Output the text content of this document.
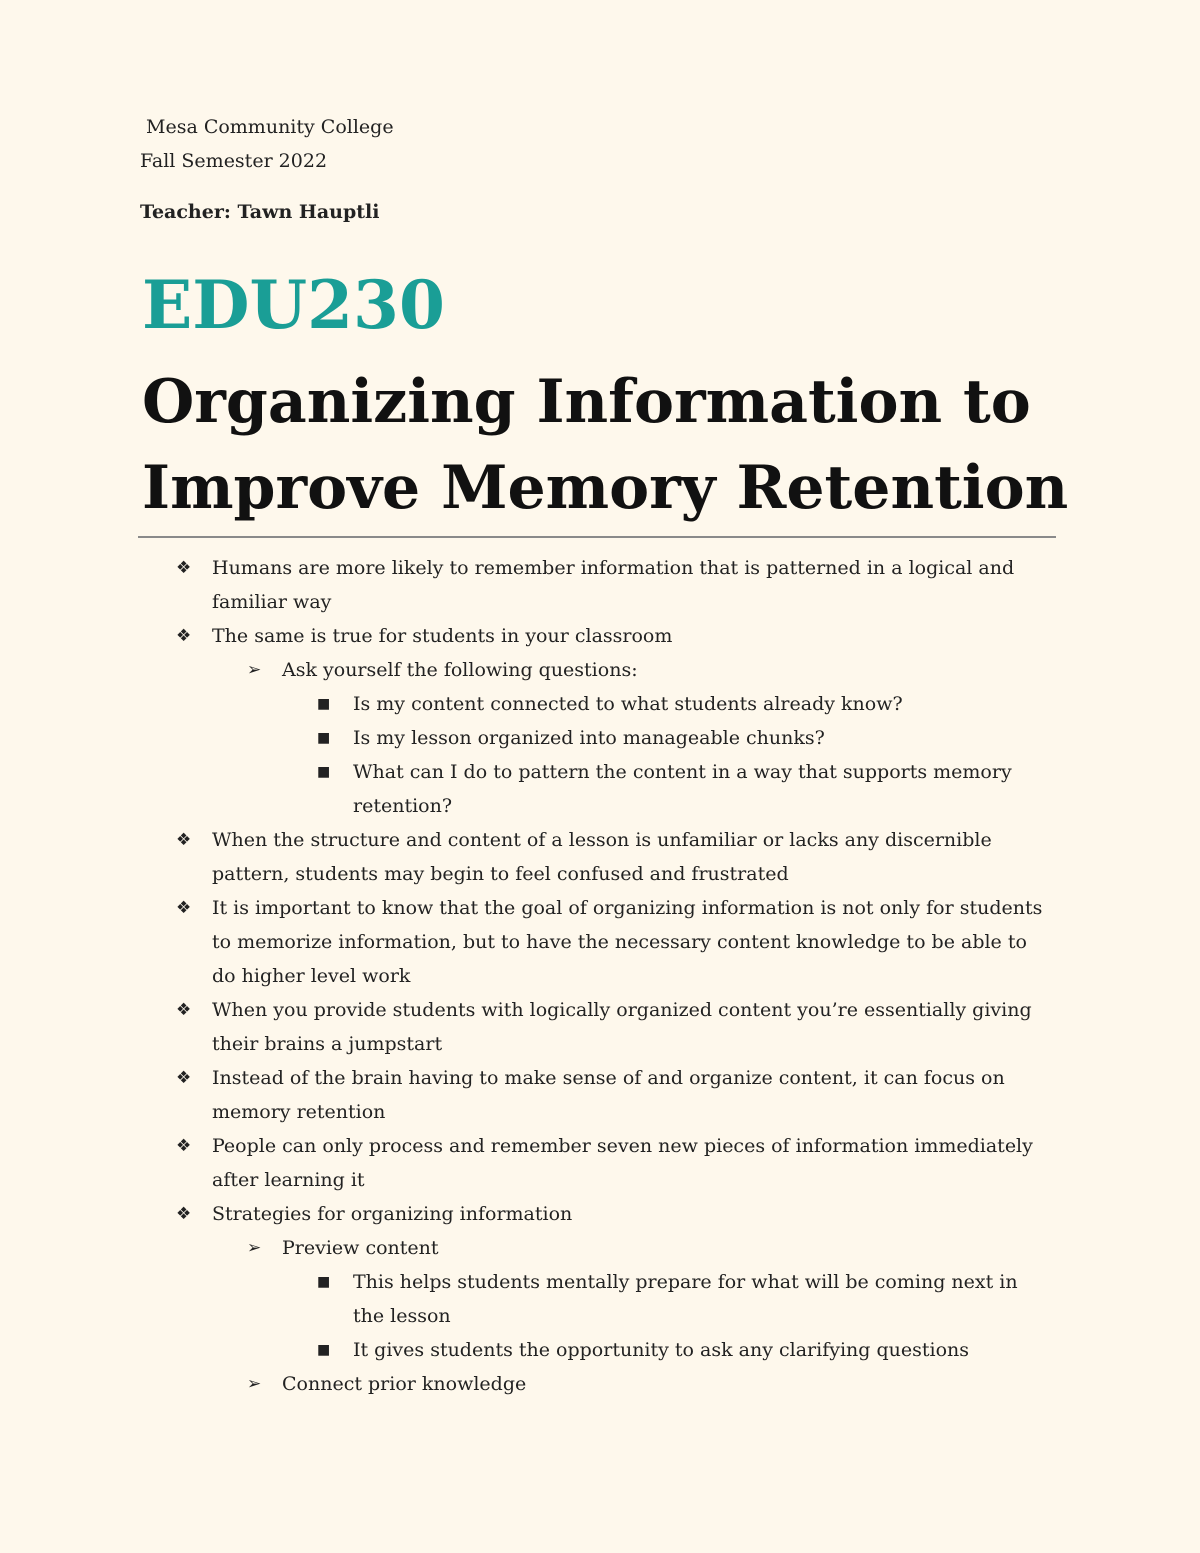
Mesa Community College
Fall Semester 2022
Teacher: Tawn Hauptli
EDU230
Organizing Information to Improve Memory Retention
❖ Humans are more likely to remember information that is patterned in a logical and familiar way
❖ The same is true for students in your classroom
➢ Ask yourself the following questions:
■ Is my content connected to what students already know?
■ Is my lesson organized into manageable chunks?
■ What can I do to pattern the content in a way that supports memory retention?
❖ When the structure and content of a lesson is unfamiliar or lacks any discernible pattern, students may begin to feel confused and frustrated
❖ It is important to know that the goal of organizing information is not only for students to memorize information, but to have the necessary content knowledge to be able to do higher level work
❖ When you provide students with logically organized content you’re essentially giving their brains a jumpstart
❖ Instead of the brain having to make sense of and organize content, it can focus on memory retention
❖ People can only process and remember seven new pieces of information immediately after learning it
❖ Strategies for organizing information
➢ Preview content
■ This helps students mentally prepare for what will be coming next in the lesson
■ It gives students the opportunity to ask any clarifying questions
➢ Connect prior knowledge
